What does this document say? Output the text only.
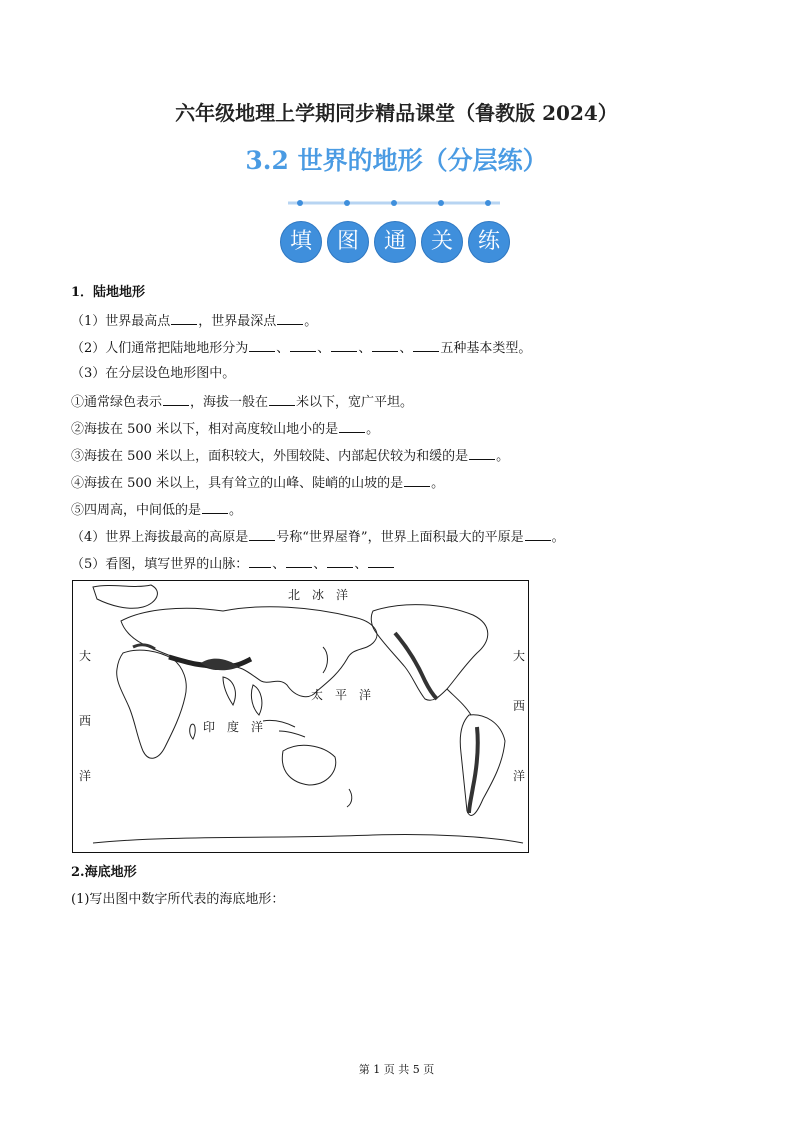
六年级地理上学期同步精品课堂（鲁教版 2024）
3.2 世界的地形（分层练）
填	图	通	关	练
1．陆地地形
（1）世界最高点 ，世界最深点 。
（2）人们通常把陆地地形分为 、 、 、 、 五种基本类型。
（3）在分层设色地形图中。
①通常绿色表示 ，海拔一般在 米以下，宽广平坦。
②海拔在 500 米以下，相对高度较山地小的是 。
③海拔在 500 米以上，面积较大，外围较陡、内部起伏较为和缓的是 。
④海拔在 500 米以上，具有耸立的山峰、陡峭的山坡的是 。
⑤四周高，中间低的是 。
（4）世界上海拔最高的高原是 号称“世界屋脊”，世界上面积最大的平原是 。
（5）看图，填写世界的山脉： 、 、 、
北　冰　洋
太　平　洋
印　度　洋
大
西
洋
大
西
洋
2.海底地形
(1)写出图中数字所代表的海底地形：
第 1 页 共 5 页
